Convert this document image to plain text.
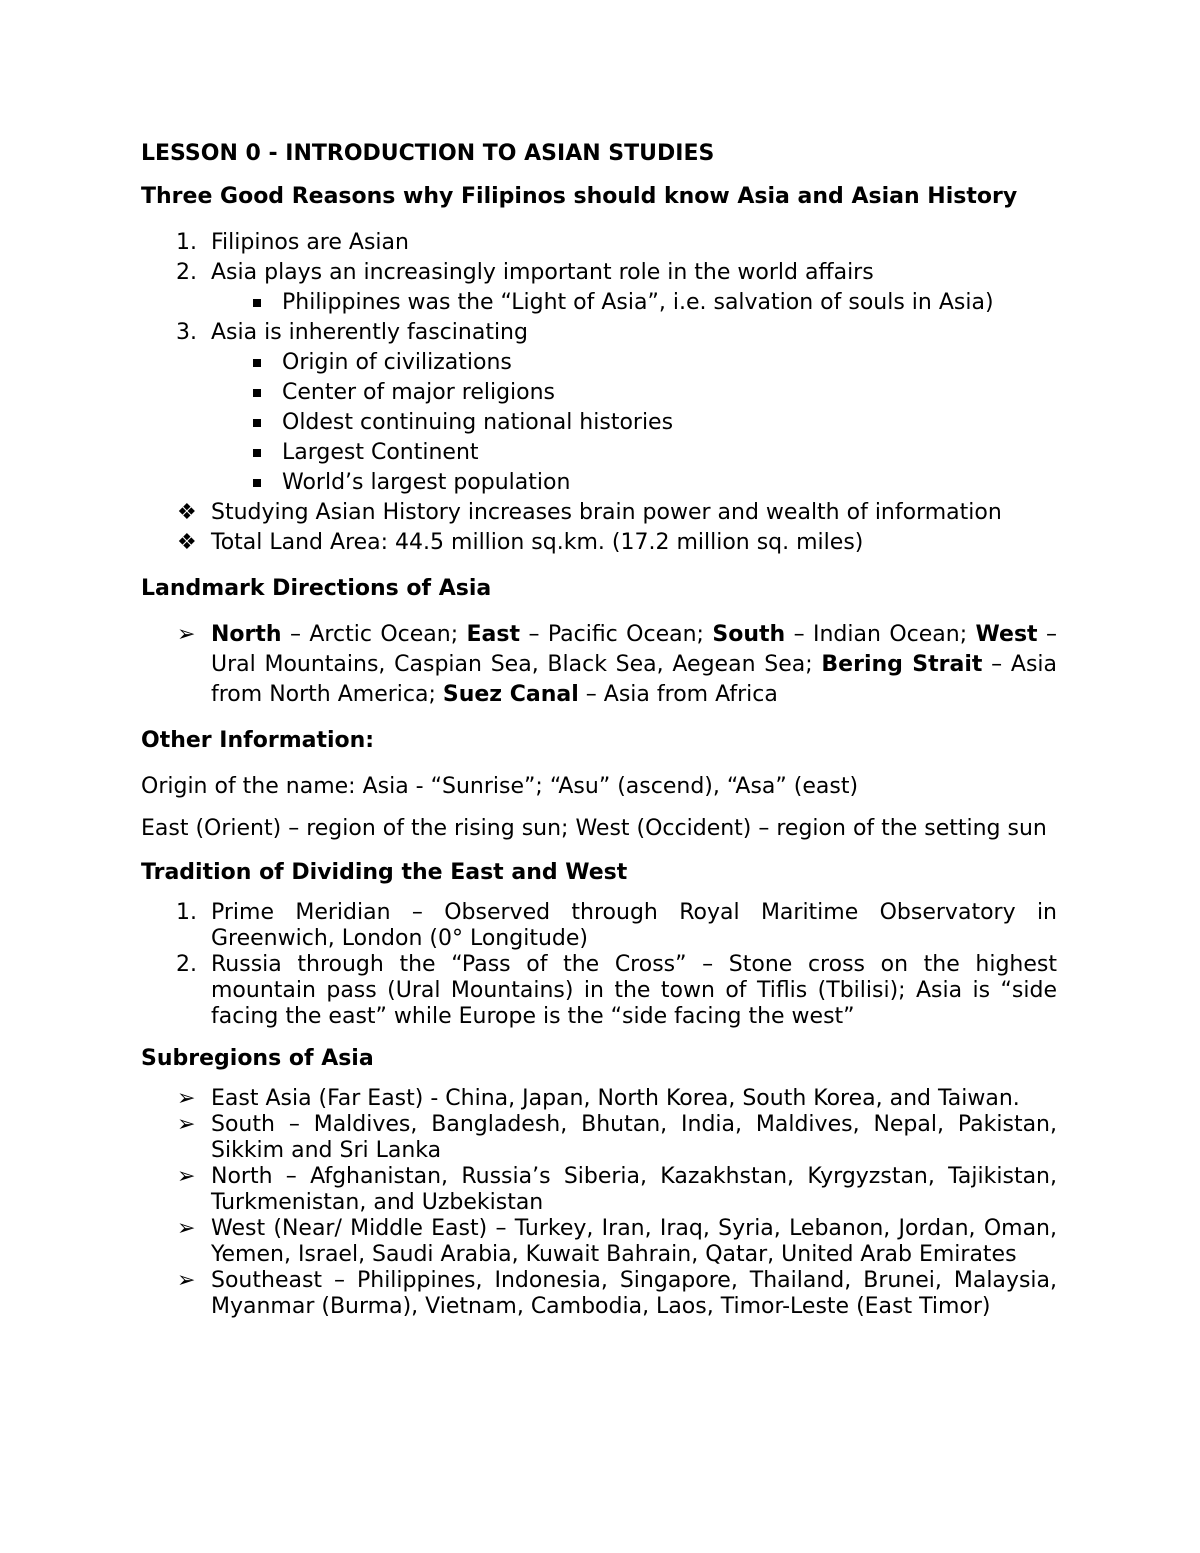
LESSON 0 - INTRODUCTION TO ASIAN STUDIES

Three Good Reasons why Filipinos should know Asia and Asian History

1. Filipinos are Asian
2. Asia plays an increasingly important role in the world affairs
Philippines was the “Light of Asia”, i.e. salvation of souls in Asia)
3. Asia is inherently fascinating
Origin of civilizations
Center of major religions
Oldest continuing national histories
Largest Continent
World’s largest population
❖ Studying Asian History increases brain power and wealth of information
❖ Total Land Area: 44.5 million sq.km. (17.2 million sq. miles)

Landmark Directions of Asia

➢ North – Arctic Ocean; East – Pacific Ocean; South – Indian Ocean; West – Ural Mountains, Caspian Sea, Black Sea, Aegean Sea; Bering Strait – Asia from North America; Suez Canal – Asia from Africa

Other Information:

Origin of the name: Asia - “Sunrise”; “Asu” (ascend), “Asa” (east)

East (Orient) – region of the rising sun; West (Occident) – region of the setting sun

Tradition of Dividing the East and West

1. Prime Meridian – Observed through Royal Maritime Observatory in Greenwich, London (0° Longitude)
2. Russia through the “Pass of the Cross” – Stone cross on the highest mountain pass (Ural Mountains) in the town of Tiflis (Tbilisi); Asia is “side facing the east” while Europe is the “side facing the west”

Subregions of Asia

➢ East Asia (Far East) - China, Japan, North Korea, South Korea, and Taiwan.
➢ South – Maldives, Bangladesh, Bhutan, India, Maldives, Nepal, Pakistan, Sikkim and Sri Lanka
➢ North – Afghanistan, Russia’s Siberia, Kazakhstan, Kyrgyzstan, Tajikistan, Turkmenistan, and Uzbekistan
➢ West (Near/ Middle East) – Turkey, Iran, Iraq, Syria, Lebanon, Jordan, Oman, Yemen, Israel, Saudi Arabia, Kuwait Bahrain, Qatar, United Arab Emirates
➢ Southeast – Philippines, Indonesia, Singapore, Thailand, Brunei, Malaysia, Myanmar (Burma), Vietnam, Cambodia, Laos, Timor-Leste (East Timor)
